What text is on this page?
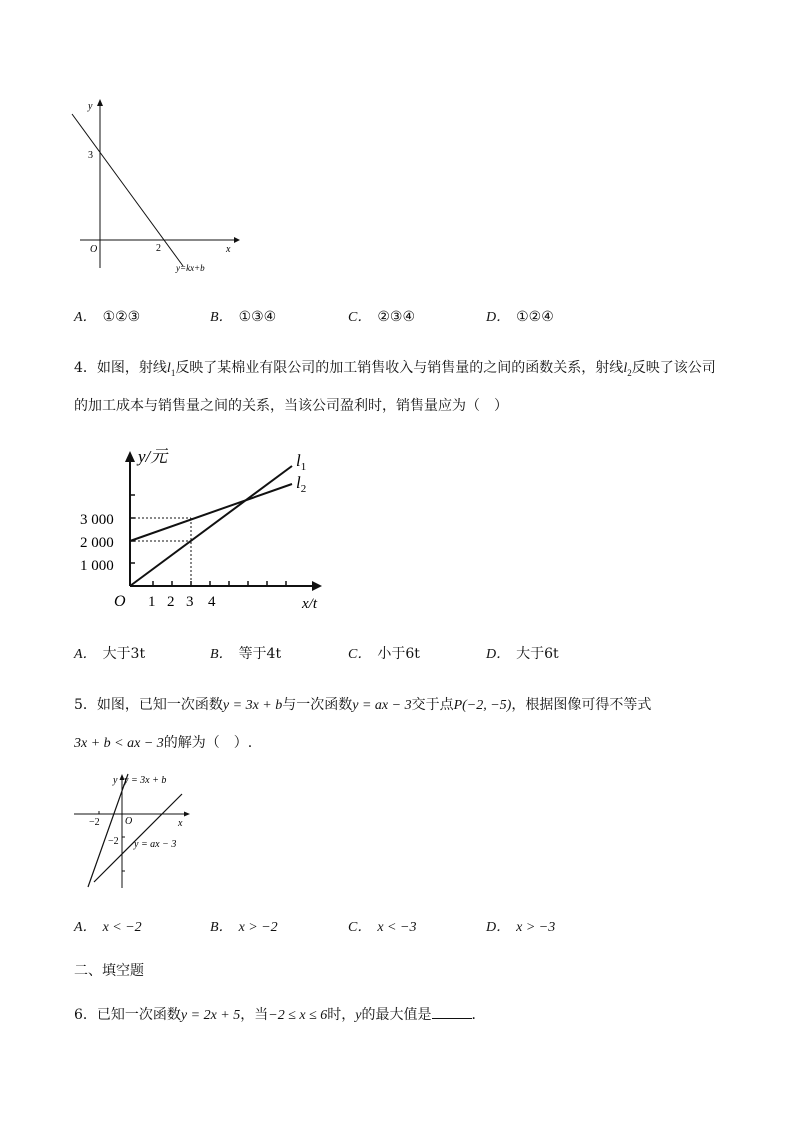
y
x
O
3
2
y=kx+b
A． ①②③	B． ①③④	C． ②③④	D． ①②④
4．如图，射线$l_1$反映了某棉业有限公司的加工销售收入与销售量的之间的函数关系，射线$l_2$反映了该公司
的加工成本与销售量之间的关系，当该公司盈利时，销售量应为（　）
y/元
x/t
O
3 000
2 000
1 000
1 2 3 4
$l_1$
$l_2$
A． 大于3t	B． 等于4t	C． 小于6t	D． 大于6t
5．如图，已知一次函数y = 3x + b与一次函数y = ax − 3交于点P(−2, −5)，根据图像可得不等式
3x + b < ax − 3的解为（　）.
y
x
O
−2
−2
y = 3x + b
y = ax − 3
A． x < −2	B． x > −2	C． x < −3	D． x > −3
二、填空题
6．已知一次函数y = 2x + 5，当−2 ≤ x ≤ 6时，y的最大值是	．
